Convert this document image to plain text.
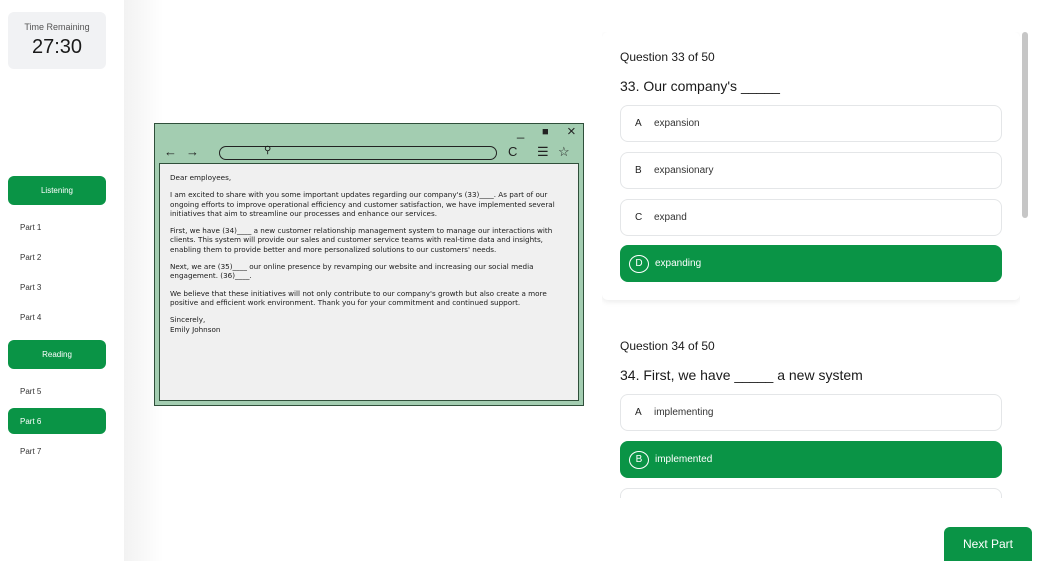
Time Remaining
27:30
Listening
Part 1
Part 2
Part 3
Part 4
Reading
Part 5
Part 6
Part 7
_ ■ ×
← →	⚲	C ☰ ☆

Dear employees,

I am excited to share with you some important updates regarding our company's (33)____. As part of our ongoing efforts to improve operational efficiency and customer satisfaction, we have implemented several initiatives that aim to streamline our processes and enhance our services.

First, we have (34)____ a new customer relationship management system to manage our interactions with clients. This system will provide our sales and customer service teams with real-time data and insights, enabling them to provide better and more personalized solutions to our customers' needs.

Next, we are (35)____ our online presence by revamping our website and increasing our social media engagement. (36)____.

We believe that these initiatives will not only contribute to our company's growth but also create a more positive and efficient work environment. Thank you for your commitment and continued support.

Sincerely,
Emily Johnson
Question 33 of 50
33. Our company's _____
A	expansion
B	expansionary
C	expand
D	expanding
Question 34 of 50
34. First, we have _____ a new system
A	implementing
B	implemented
Next Part
